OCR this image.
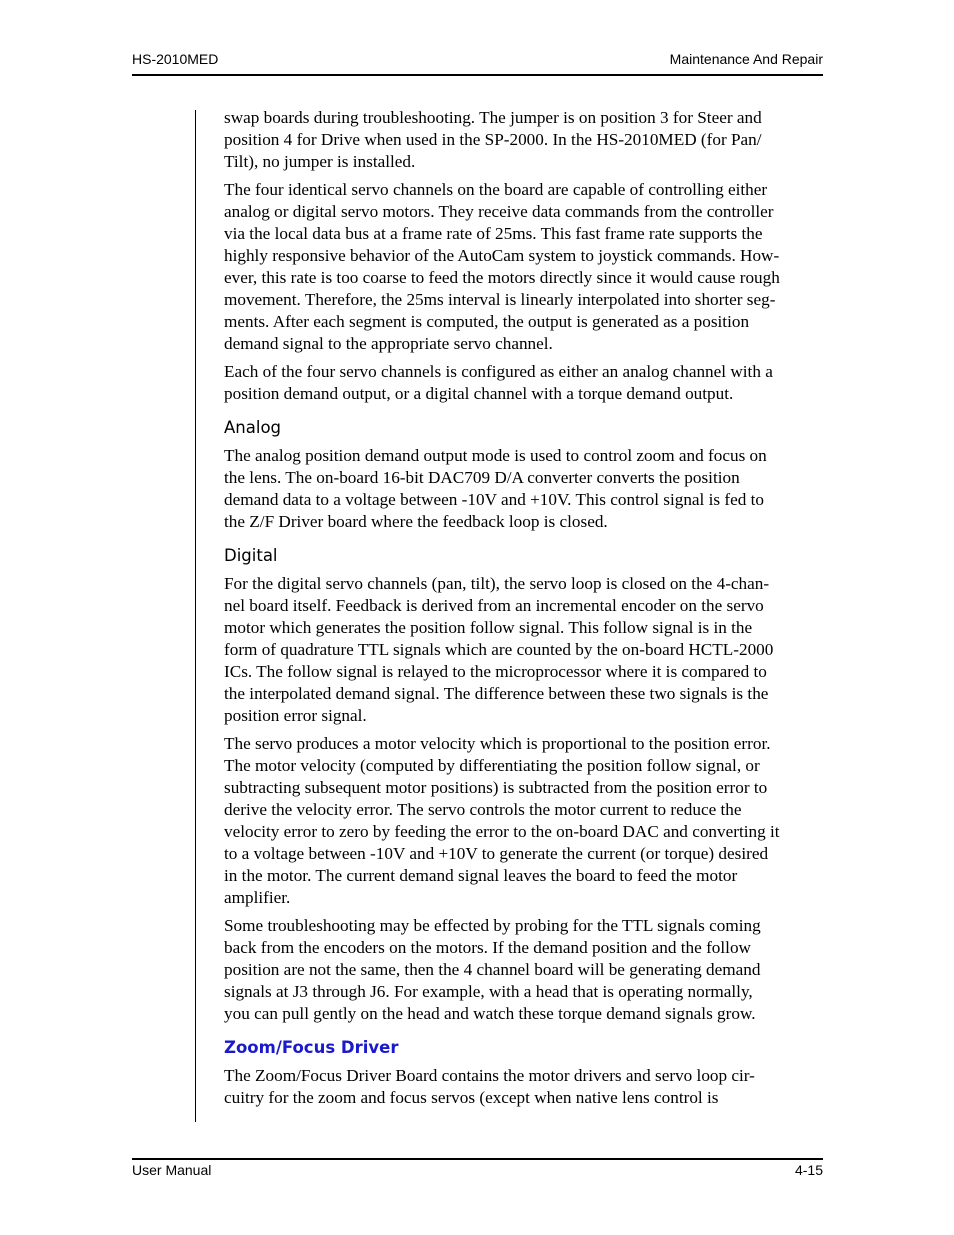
HS-2010MED	Maintenance And Repair
swap boards during troubleshooting. The jumper is on position 3 for Steer and
position 4 for Drive when used in the SP-2000. In the HS-2010MED (for Pan/
Tilt), no jumper is installed.
The four identical servo channels on the board are capable of controlling either
analog or digital servo motors. They receive data commands from the controller
via the local data bus at a frame rate of 25ms. This fast frame rate supports the
highly responsive behavior of the AutoCam system to joystick commands. How-
ever, this rate is too coarse to feed the motors directly since it would cause rough
movement. Therefore, the 25ms interval is linearly interpolated into shorter seg-
ments. After each segment is computed, the output is generated as a position
demand signal to the appropriate servo channel.
Each of the four servo channels is configured as either an analog channel with a
position demand output, or a digital channel with a torque demand output.
Analog
The analog position demand output mode is used to control zoom and focus on
the lens. The on-board 16-bit DAC709 D/A converter converts the position
demand data to a voltage between -10V and +10V. This control signal is fed to
the Z/F Driver board where the feedback loop is closed.
Digital
For the digital servo channels (pan, tilt), the servo loop is closed on the 4-chan-
nel board itself. Feedback is derived from an incremental encoder on the servo
motor which generates the position follow signal. This follow signal is in the
form of quadrature TTL signals which are counted by the on-board HCTL-2000
ICs. The follow signal is relayed to the microprocessor where it is compared to
the interpolated demand signal. The difference between these two signals is the
position error signal.
The servo produces a motor velocity which is proportional to the position error.
The motor velocity (computed by differentiating the position follow signal, or
subtracting subsequent motor positions) is subtracted from the position error to
derive the velocity error. The servo controls the motor current to reduce the
velocity error to zero by feeding the error to the on-board DAC and converting it
to a voltage between -10V and +10V to generate the current (or torque) desired
in the motor. The current demand signal leaves the board to feed the motor
amplifier.
Some troubleshooting may be effected by probing for the TTL signals coming
back from the encoders on the motors. If the demand position and the follow
position are not the same, then the 4 channel board will be generating demand
signals at J3 through J6. For example, with a head that is operating normally,
you can pull gently on the head and watch these torque demand signals grow.
Zoom/Focus Driver
The Zoom/Focus Driver Board contains the motor drivers and servo loop cir-
cuitry for the zoom and focus servos (except when native lens control is
User Manual	4-15
